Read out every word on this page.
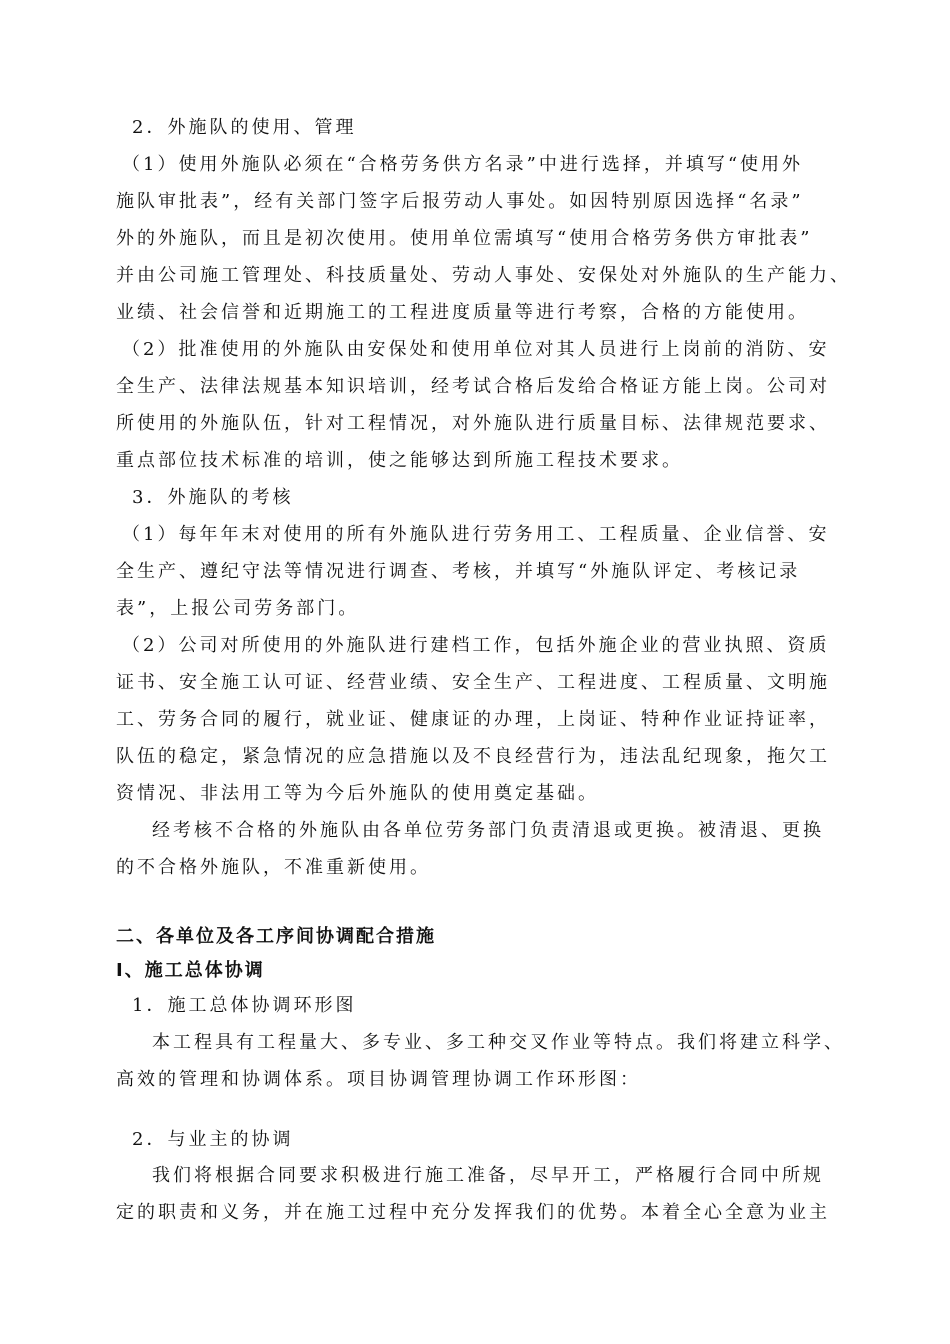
2．外施队的使用、管理
（1）使用外施队必须在“合格劳务供方名录”中进行选择，并填写“使用外
施队审批表”，经有关部门签字后报劳动人事处。如因特别原因选择“名录”
外的外施队，而且是初次使用。使用单位需填写“使用合格劳务供方审批表”
并由公司施工管理处、科技质量处、劳动人事处、安保处对外施队的生产能力、
业绩、社会信誉和近期施工的工程进度质量等进行考察，合格的方能使用。
（2）批准使用的外施队由安保处和使用单位对其人员进行上岗前的消防、安
全生产、法律法规基本知识培训，经考试合格后发给合格证方能上岗。公司对
所使用的外施队伍，针对工程情况，对外施队进行质量目标、法律规范要求、
重点部位技术标准的培训，使之能够达到所施工程技术要求。
3．外施队的考核
（1）每年年末对使用的所有外施队进行劳务用工、工程质量、企业信誉、安
全生产、遵纪守法等情况进行调查、考核，并填写“外施队评定、考核记录
表”，上报公司劳务部门。
（2）公司对所使用的外施队进行建档工作，包括外施企业的营业执照、资质
证书、安全施工认可证、经营业绩、安全生产、工程进度、工程质量、文明施
工、劳务合同的履行，就业证、健康证的办理，上岗证、特种作业证持证率，
队伍的稳定，紧急情况的应急措施以及不良经营行为，违法乱纪现象，拖欠工
资情况、非法用工等为今后外施队的使用奠定基础。
经考核不合格的外施队由各单位劳务部门负责清退或更换。被清退、更换
的不合格外施队，不准重新使用。
二、各单位及各工序间协调配合措施
Ⅰ、施工总体协调
1．施工总体协调环形图
本工程具有工程量大、多专业、多工种交叉作业等特点。我们将建立科学、
高效的管理和协调体系。项目协调管理协调工作环形图：
2．与业主的协调
我们将根据合同要求积极进行施工准备，尽早开工，严格履行合同中所规
定的职责和义务，并在施工过程中充分发挥我们的优势。本着全心全意为业主
